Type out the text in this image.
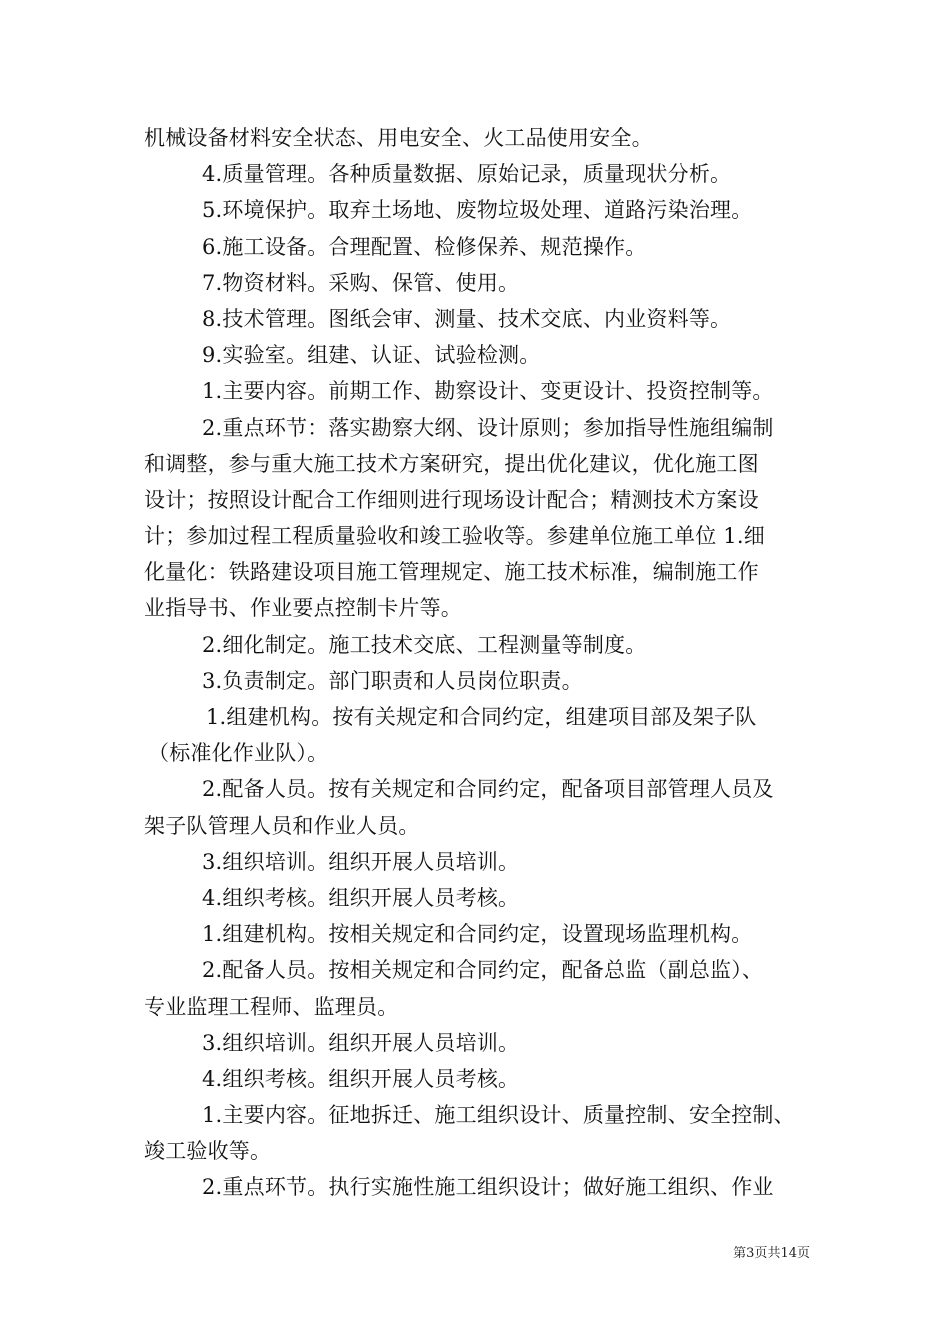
机械设备材料安全状态、用电安全、火工品使用安全。
4.质量管理。各种质量数据、原始记录，质量现状分析。
5.环境保护。取弃土场地、废物垃圾处理、道路污染治理。
6.施工设备。合理配置、检修保养、规范操作。
7.物资材料。采购、保管、使用。
8.技术管理。图纸会审、测量、技术交底、内业资料等。
9.实验室。组建、认证、试验检测。
1.主要内容。前期工作、勘察设计、变更设计、投资控制等。
2.重点环节：落实勘察大纲、设计原则；参加指导性施组编制
和调整，参与重大施工技术方案研究，提出优化建议，优化施工图
设计；按照设计配合工作细则进行现场设计配合；精测技术方案设
计；参加过程工程质量验收和竣工验收等。参建单位施工单位 1.细
化量化：铁路建设项目施工管理规定、施工技术标准，编制施工作
业指导书、作业要点控制卡片等。
2.细化制定。施工技术交底、工程测量等制度。
3.负责制定。部门职责和人员岗位职责。
1.组建机构。按有关规定和合同约定，组建项目部及架子队
（标准化作业队）。
2.配备人员。按有关规定和合同约定，配备项目部管理人员及
架子队管理人员和作业人员。
3.组织培训。组织开展人员培训。
4.组织考核。组织开展人员考核。
1.组建机构。按相关规定和合同约定，设置现场监理机构。
2.配备人员。按相关规定和合同约定，配备总监（副总监）、
专业监理工程师、监理员。
3.组织培训。组织开展人员培训。
4.组织考核。组织开展人员考核。
1.主要内容。征地拆迁、施工组织设计、质量控制、安全控制、
竣工验收等。
2.重点环节。执行实施性施工组织设计；做好施工组织、作业
第3页共14页
